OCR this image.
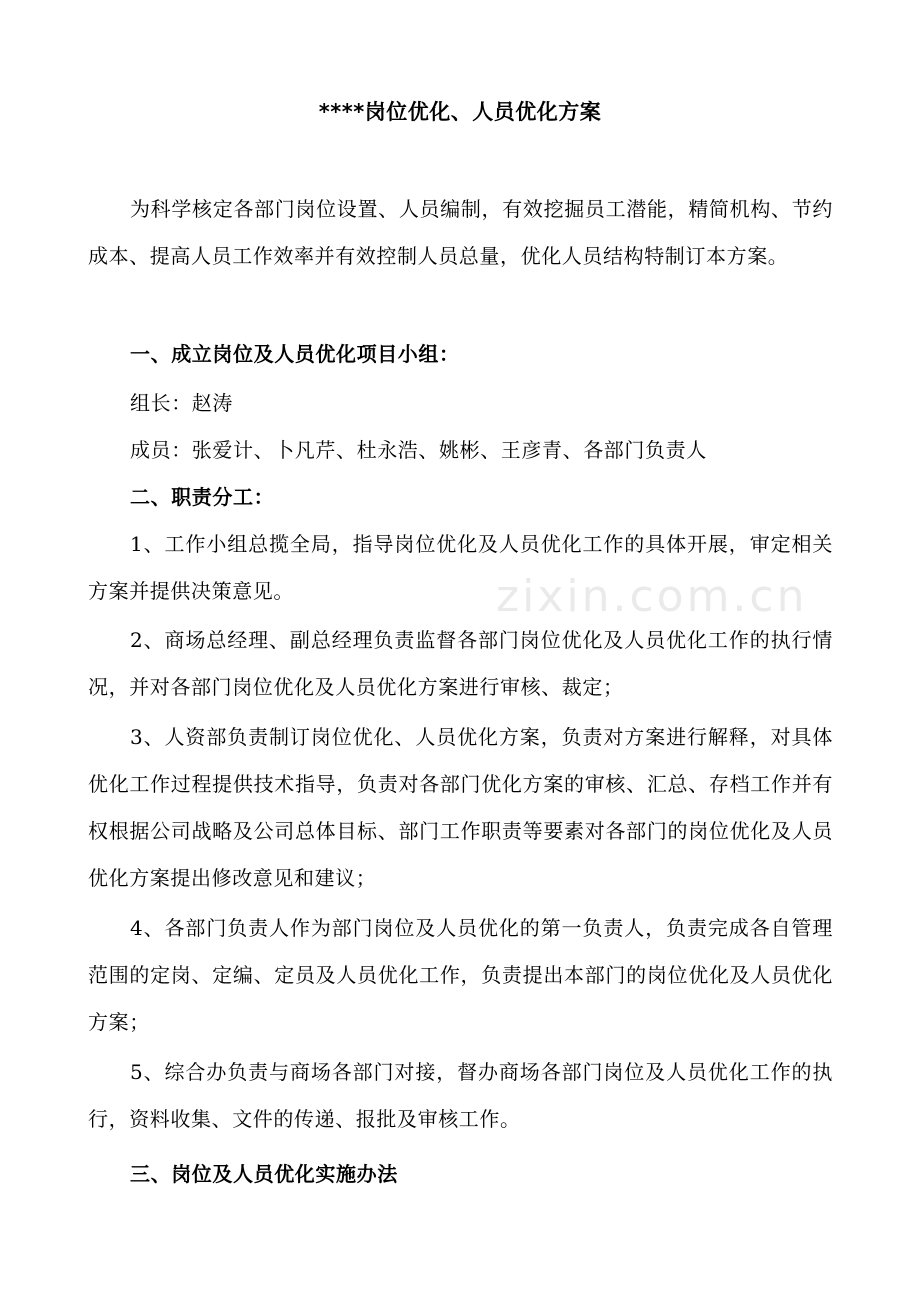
****岗位优化、人员优化方案
为科学核定各部门岗位设置、人员编制，有效挖掘员工潜能，精简机构、节约成本、提高人员工作效率并有效控制人员总量，优化人员结构特制订本方案。
一、成立岗位及人员优化项目小组：
组长：赵涛
成员：张爱计、卜凡芹、杜永浩、姚彬、王彦青、各部门负责人
二、职责分工：
1、工作小组总揽全局，指导岗位优化及人员优化工作的具体开展，审定相关方案并提供决策意见。
2、商场总经理、副总经理负责监督各部门岗位优化及人员优化工作的执行情况，并对各部门岗位优化及人员优化方案进行审核、裁定；
3、人资部负责制订岗位优化、人员优化方案，负责对方案进行解释，对具体优化工作过程提供技术指导，负责对各部门优化方案的审核、汇总、存档工作并有权根据公司战略及公司总体目标、部门工作职责等要素对各部门的岗位优化及人员优化方案提出修改意见和建议；
4、各部门负责人作为部门岗位及人员优化的第一负责人，负责完成各自管理范围的定岗、定编、定员及人员优化工作，负责提出本部门的岗位优化及人员优化方案；
5、综合办负责与商场各部门对接，督办商场各部门岗位及人员优化工作的执行，资料收集、文件的传递、报批及审核工作。
三、岗位及人员优化实施办法
zixin.com.cn
